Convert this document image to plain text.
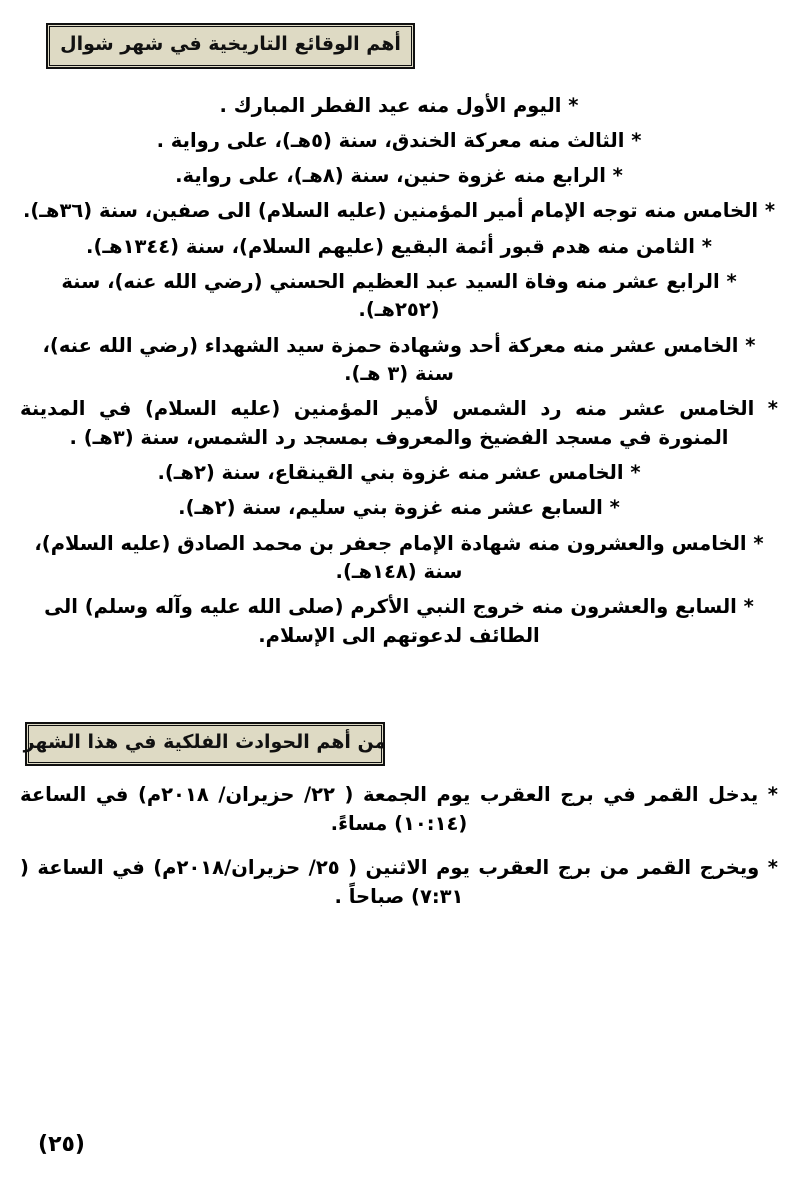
أهم الوقائع التاريخية في شهر شوال

* اليوم الأول منه عيد الفطر المبارك .

* الثالث منه معركة الخندق، سنة (٥هـ)، على رواية .

* الرابع منه غزوة حنين، سنة (٨هـ)، على رواية.

* الخامس منه توجه الإمام أمير المؤمنين (عليه السلام) الى صفين، سنة (٣٦هـ).

* الثامن منه هدم قبور أئمة البقيع (عليهم السلام)، سنة (١٣٤٤هـ).

* الرابع عشر منه وفاة السيد عبد العظيم الحسني (رضي الله عنه)، سنة (٢٥٢هـ).

* الخامس عشر منه معركة أحد وشهادة حمزة سيد الشهداء (رضي الله عنه)، سنة (٣ هـ).

* الخامس عشر منه رد الشمس لأمير المؤمنين (عليه السلام) في المدينة المنورة في مسجد الفضيخ والمعروف بمسجد رد الشمس، سنة (٣هـ) .

* الخامس عشر منه غزوة بني القينقاع، سنة (٢هـ).

* السابع عشر منه غزوة بني سليم، سنة (٢هـ).

* الخامس والعشرون منه شهادة الإمام جعفر بن محمد الصادق (عليه السلام)، سنة (١٤٨هـ).

* السابع والعشرون منه خروج النبي الأكرم (صلى الله عليه وآله وسلم) الى الطائف لدعوتهم الى الإسلام.

من أهم الحوادث الفلكية في هذا الشهر

* يدخل القمر في برج العقرب يوم الجمعة ( ٢٢/ حزيران/ ٢٠١٨م) في الساعة (١٠:١٤) مساءً.

* ويخرج القمر من برج العقرب يوم الاثنين ( ٢٥/ حزيران/٢٠١٨م) في الساعة ( ٧:٣١) صباحاً .

(٢٥)
